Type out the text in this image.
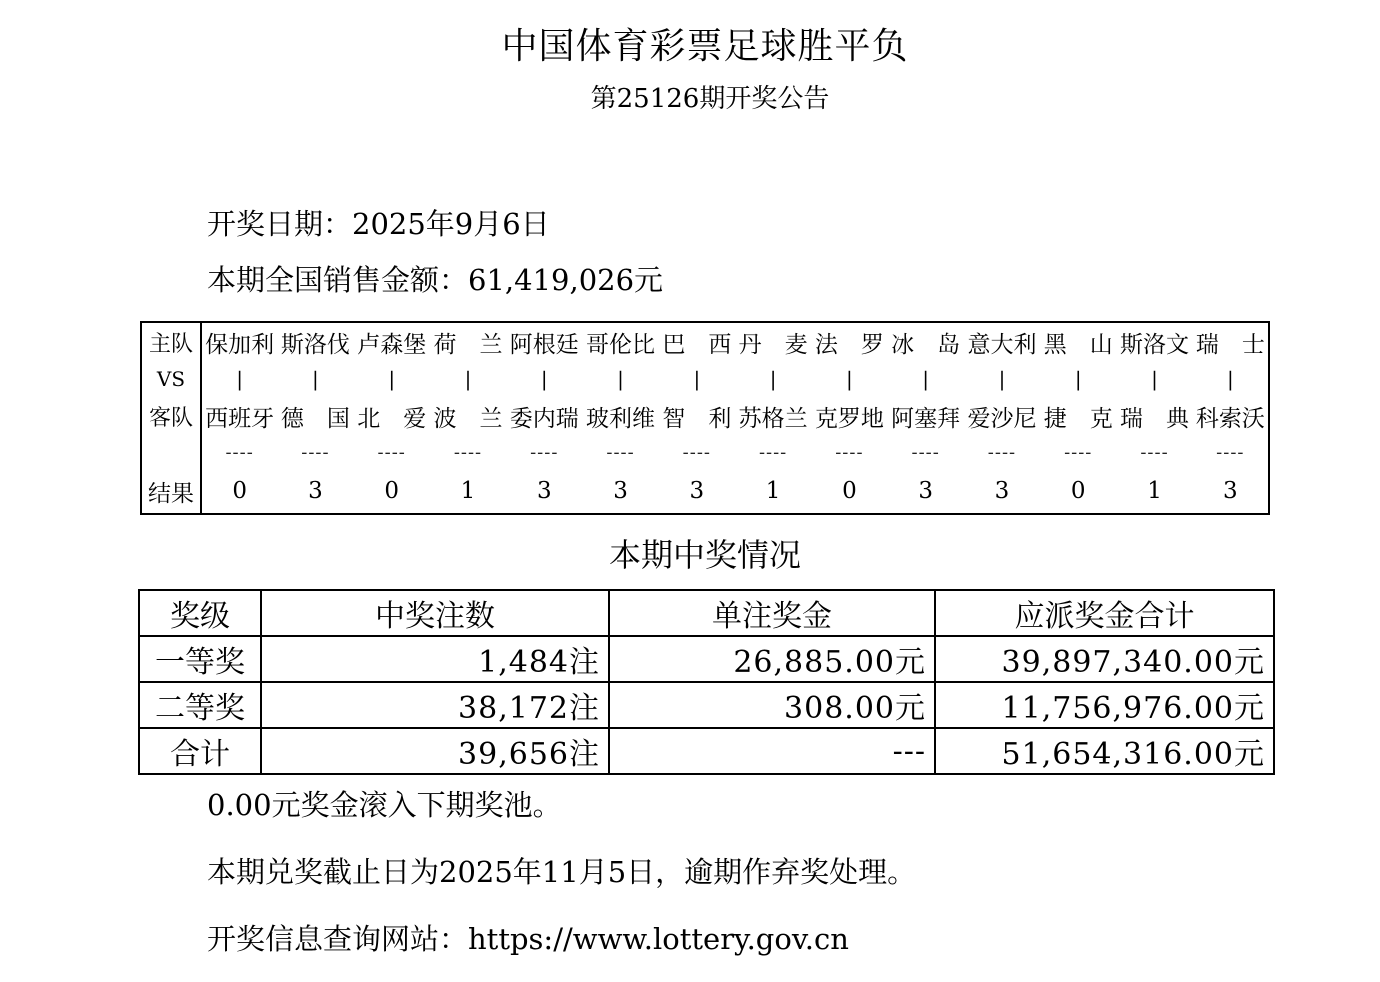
中国体育彩票足球胜平负
第25126期开奖公告
开奖日期：2025年9月6日
本期全国销售金额：61,419,026元
主队	保加利	斯洛伐	卢森堡	荷　兰	阿根廷	哥伦比	巴　西	丹　麦	法　罗	冰　岛	意大利	黑　山	斯洛文	瑞　士
VS	|	|	|	|	|	|	|	|	|	|	|	|	|	|
客队	西班牙	德　国	北　爱	波　兰	委内瑞	玻利维	智　利	苏格兰	克罗地	阿塞拜	爱沙尼	捷　克	瑞　典	科索沃
	----	----	----	----	----	----	----	----	----	----	----	----	----	----
结果	0	3	0	1	3	3	3	1	0	3	3	0	1	3
本期中奖情况
奖级	中奖注数	单注奖金	应派奖金合计
一等奖	1,484注	26,885.00元	39,897,340.00元
二等奖	38,172注	308.00元	11,756,976.00元
合计	39,656注	---	51,654,316.00元
0.00元奖金滚入下期奖池。
本期兑奖截止日为2025年11月5日，逾期作弃奖处理。
开奖信息查询网站：https://www.lottery.gov.cn
